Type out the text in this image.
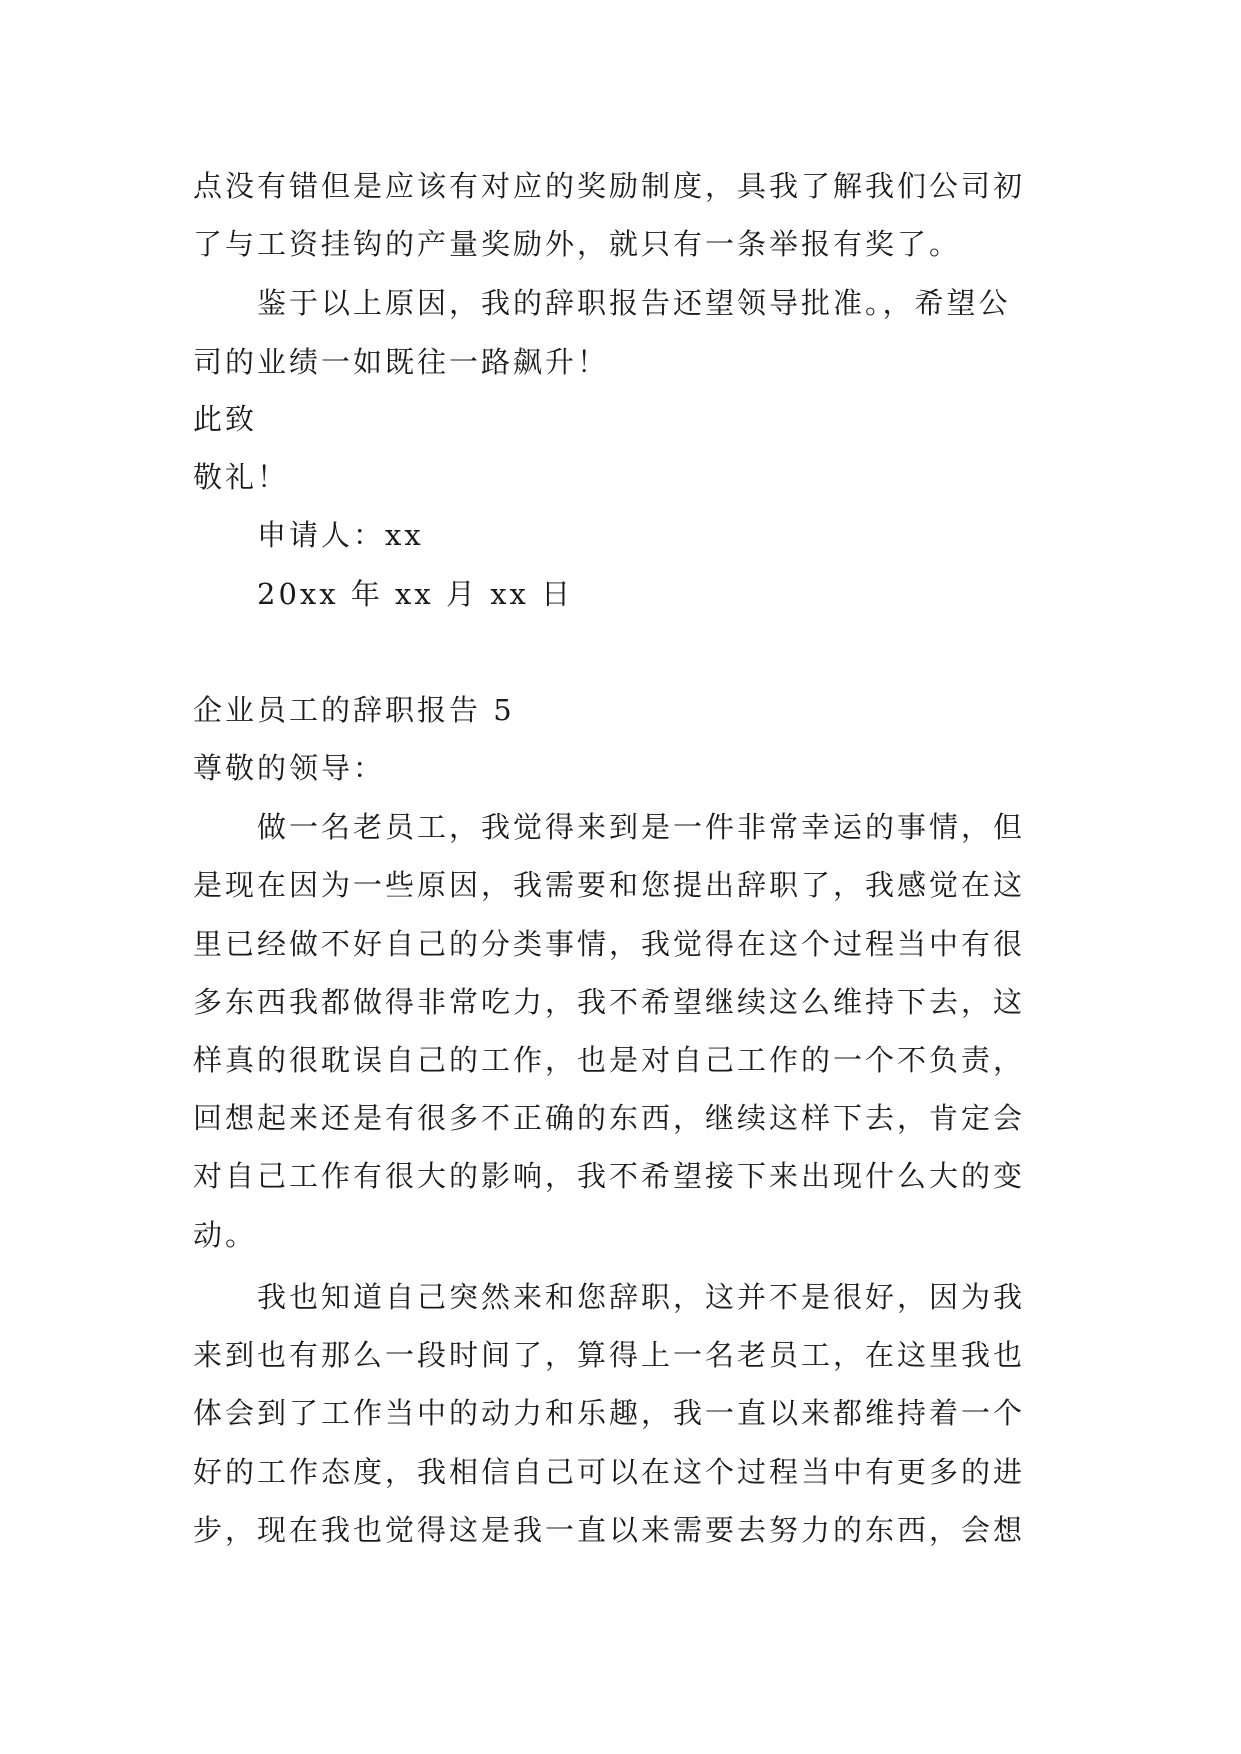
点没有错但是应该有对应的奖励制度，具我了解我们公司初
了与工资挂钩的产量奖励外，就只有一条举报有奖了。
鉴于以上原因，我的辞职报告还望领导批准。，希望公
司的业绩一如既往一路飙升！
此致
敬礼！
申请人：xx
20xx 年 xx 月 xx 日
企业员工的辞职报告 5
尊敬的领导：
做一名老员工，我觉得来到是一件非常幸运的事情，但
是现在因为一些原因，我需要和您提出辞职了，我感觉在这
里已经做不好自己的分类事情，我觉得在这个过程当中有很
多东西我都做得非常吃力，我不希望继续这么维持下去，这
样真的很耽误自己的工作，也是对自己工作的一个不负责，
回想起来还是有很多不正确的东西，继续这样下去，肯定会
对自己工作有很大的影响，我不希望接下来出现什么大的变
动。
我也知道自己突然来和您辞职，这并不是很好，因为我
来到也有那么一段时间了，算得上一名老员工，在这里我也
体会到了工作当中的动力和乐趣，我一直以来都维持着一个
好的工作态度，我相信自己可以在这个过程当中有更多的进
步，现在我也觉得这是我一直以来需要去努力的东西，会想
